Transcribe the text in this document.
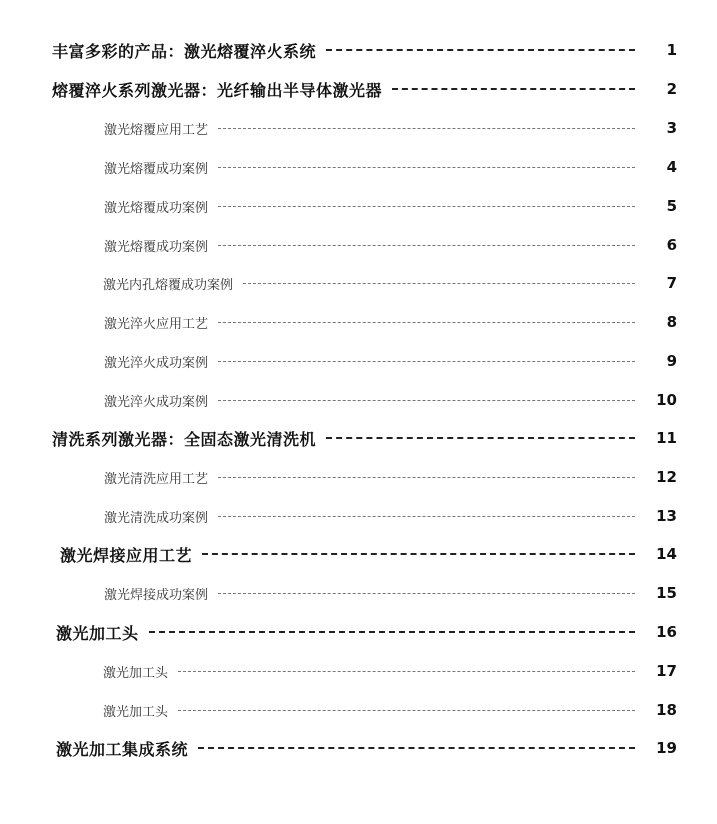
丰富多彩的产品：激光熔覆淬火系统	1
熔覆淬火系列激光器：光纤输出半导体激光器	2
激光熔覆应用工艺	3
激光熔覆成功案例	4
激光熔覆成功案例	5
激光熔覆成功案例	6
激光内孔熔覆成功案例	7
激光淬火应用工艺	8
激光淬火成功案例	9
激光淬火成功案例	10
清洗系列激光器：全固态激光清洗机	11
激光清洗应用工艺	12
激光清洗成功案例	13
激光焊接应用工艺	14
激光焊接成功案例	15
激光加工头	16
激光加工头	17
激光加工头	18
激光加工集成系统	19
